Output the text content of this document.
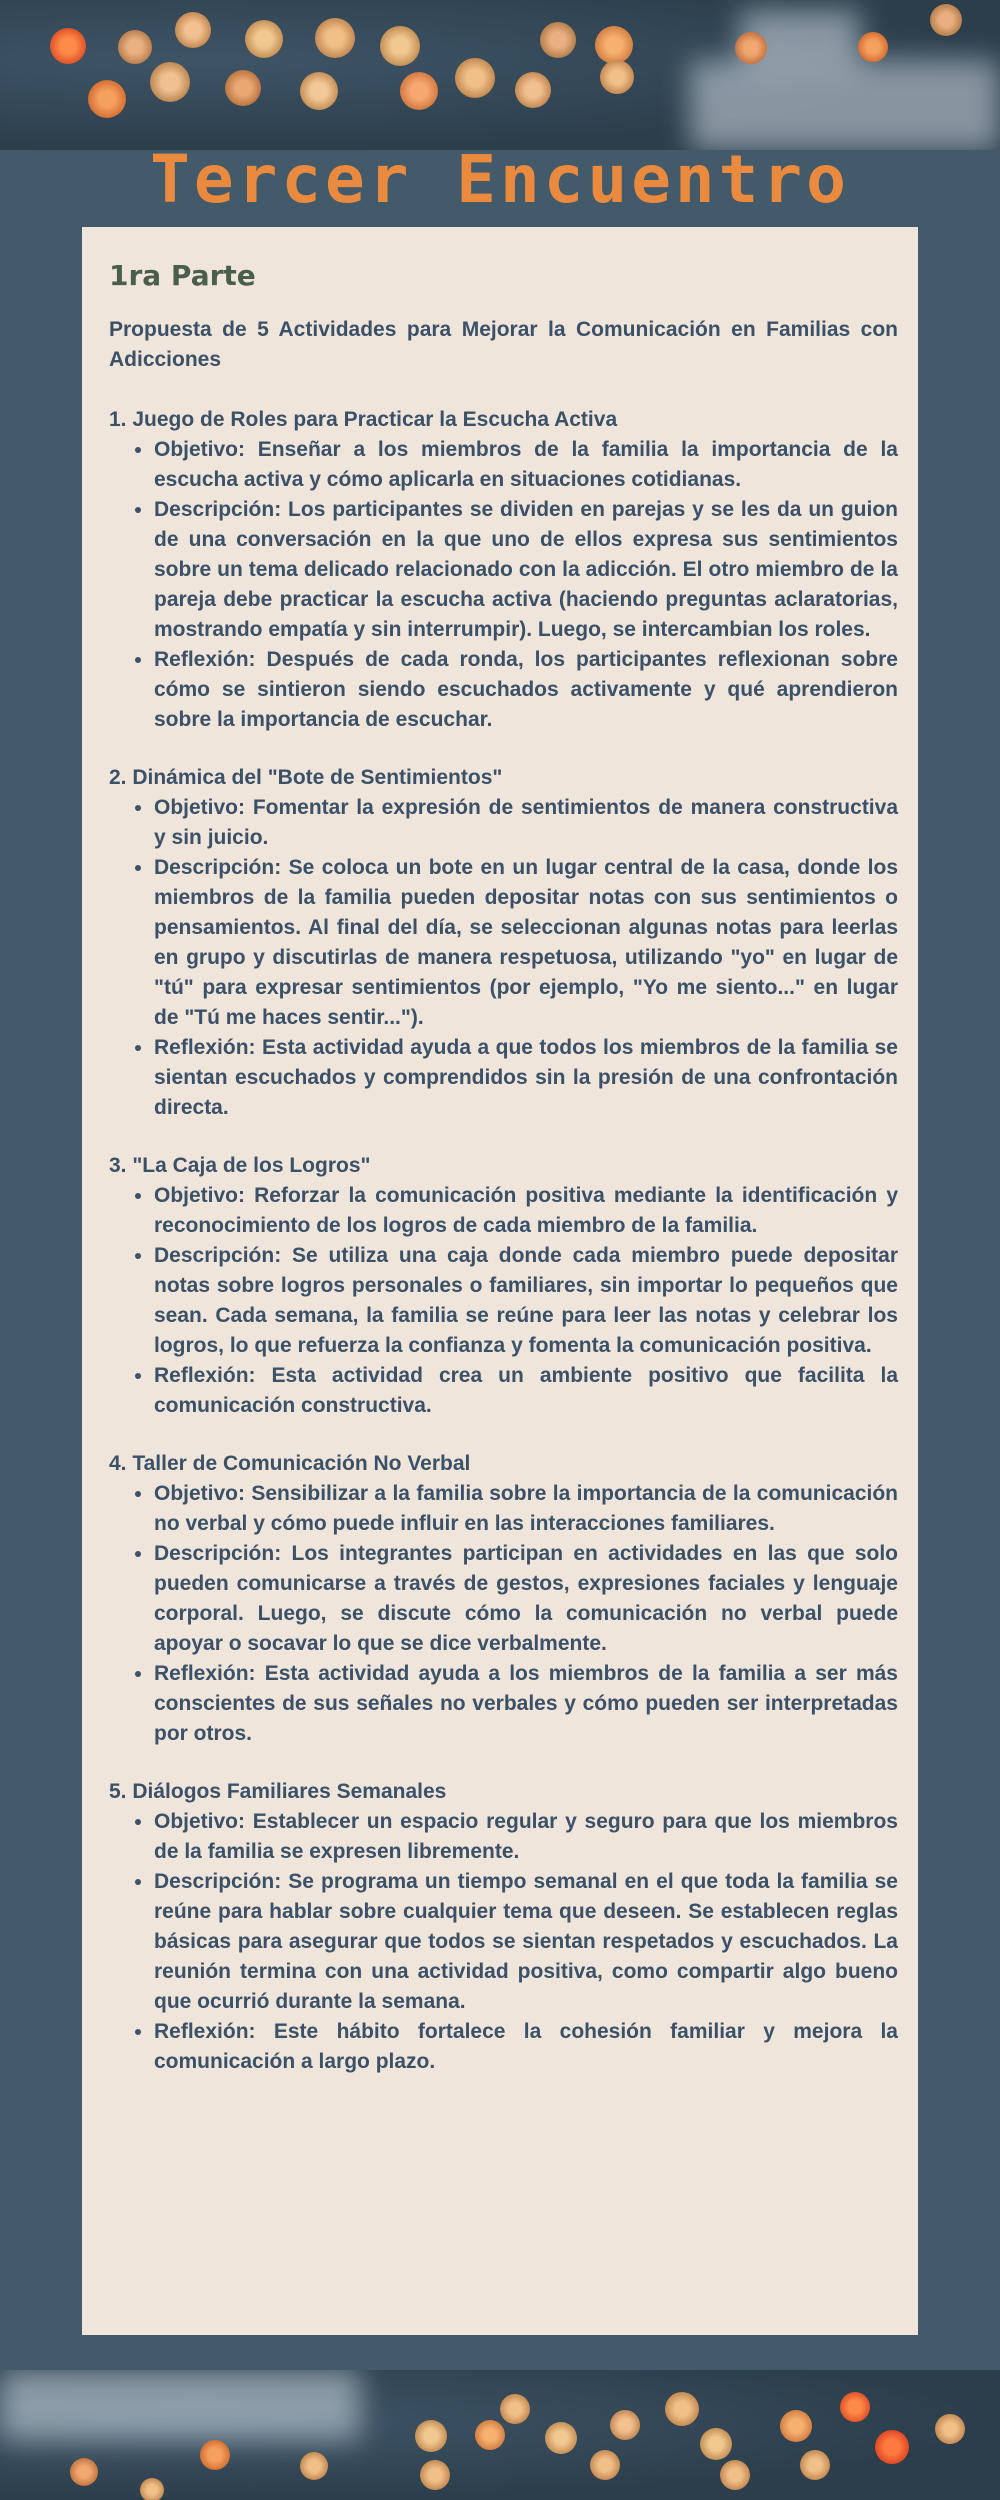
Tercer Encuentro
1ra Parte

Propuesta de 5 Actividades para Mejorar la Comunicación en Familias con Adicciones

1. Juego de Roles para Practicar la Escucha Activa
• Objetivo: Enseñar a los miembros de la familia la importancia de la escucha activa y cómo aplicarla en situaciones cotidianas.
• Descripción: Los participantes se dividen en parejas y se les da un guion de una conversación en la que uno de ellos expresa sus sentimientos sobre un tema delicado relacionado con la adicción. El otro miembro de la pareja debe practicar la escucha activa (haciendo preguntas aclaratorias, mostrando empatía y sin interrumpir). Luego, se intercambian los roles.
• Reflexión: Después de cada ronda, los participantes reflexionan sobre cómo se sintieron siendo escuchados activamente y qué aprendieron sobre la importancia de escuchar.
2. Dinámica del "Bote de Sentimientos"
• Objetivo: Fomentar la expresión de sentimientos de manera constructiva y sin juicio.
• Descripción: Se coloca un bote en un lugar central de la casa, donde los miembros de la familia pueden depositar notas con sus sentimientos o pensamientos. Al final del día, se seleccionan algunas notas para leerlas en grupo y discutirlas de manera respetuosa, utilizando "yo" en lugar de "tú" para expresar sentimientos (por ejemplo, "Yo me siento..." en lugar de "Tú me haces sentir...").
• Reflexión: Esta actividad ayuda a que todos los miembros de la familia se sientan escuchados y comprendidos sin la presión de una confrontación directa.
3. "La Caja de los Logros"
• Objetivo: Reforzar la comunicación positiva mediante la identificación y reconocimiento de los logros de cada miembro de la familia.
• Descripción: Se utiliza una caja donde cada miembro puede depositar notas sobre logros personales o familiares, sin importar lo pequeños que sean. Cada semana, la familia se reúne para leer las notas y celebrar los logros, lo que refuerza la confianza y fomenta la comunicación positiva.
• Reflexión: Esta actividad crea un ambiente positivo que facilita la comunicación constructiva.
4. Taller de Comunicación No Verbal
• Objetivo: Sensibilizar a la familia sobre la importancia de la comunicación no verbal y cómo puede influir en las interacciones familiares.
• Descripción: Los integrantes participan en actividades en las que solo pueden comunicarse a través de gestos, expresiones faciales y lenguaje corporal. Luego, se discute cómo la comunicación no verbal puede apoyar o socavar lo que se dice verbalmente.
• Reflexión: Esta actividad ayuda a los miembros de la familia a ser más conscientes de sus señales no verbales y cómo pueden ser interpretadas por otros.
5. Diálogos Familiares Semanales
• Objetivo: Establecer un espacio regular y seguro para que los miembros de la familia se expresen libremente.
• Descripción: Se programa un tiempo semanal en el que toda la familia se reúne para hablar sobre cualquier tema que deseen. Se establecen reglas básicas para asegurar que todos se sientan respetados y escuchados. La reunión termina con una actividad positiva, como compartir algo bueno que ocurrió durante la semana.
• Reflexión: Este hábito fortalece la cohesión familiar y mejora la comunicación a largo plazo.
